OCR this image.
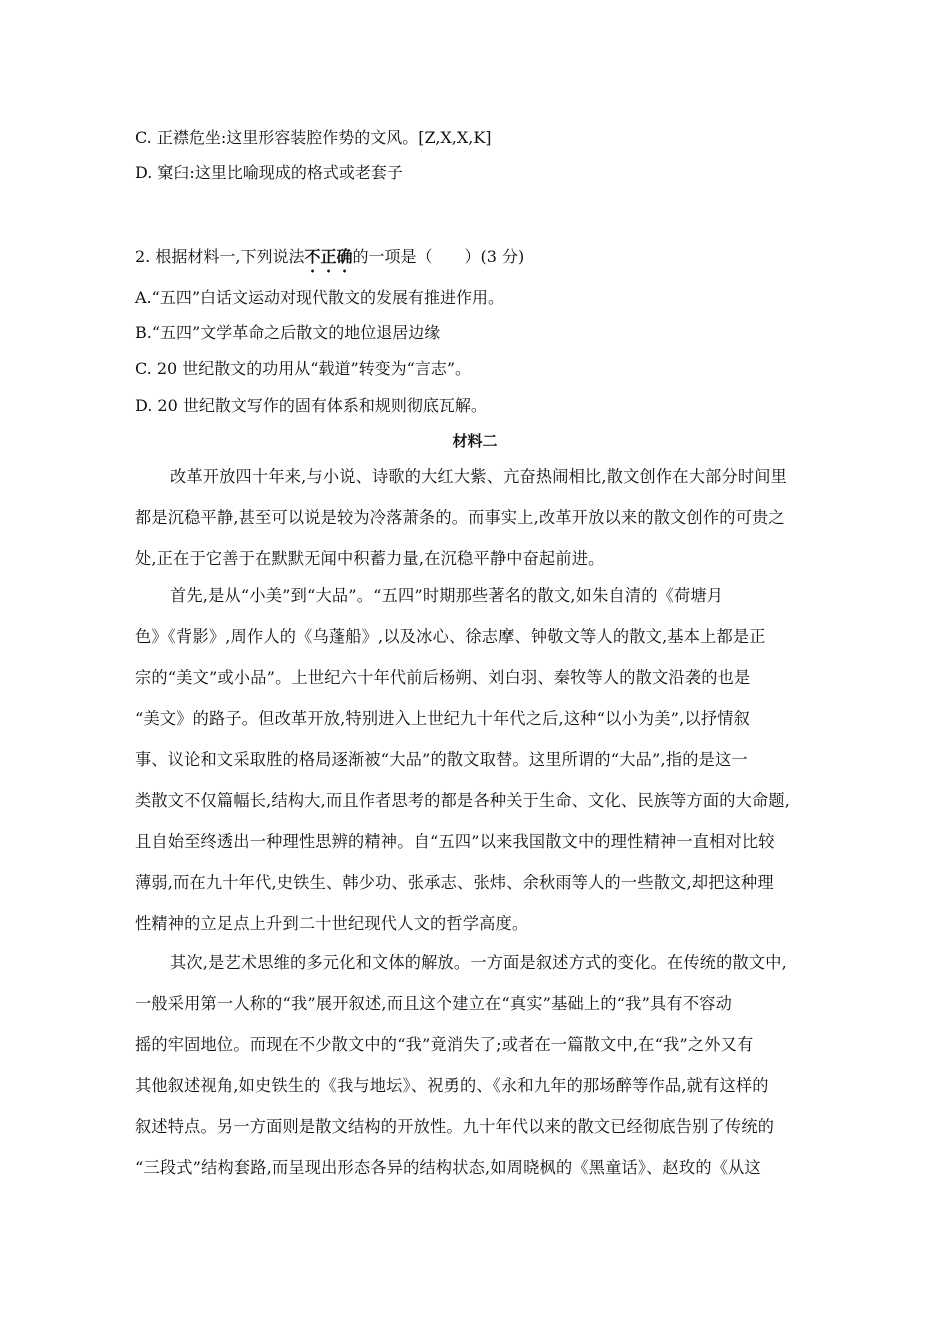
C. 正襟危坐:这里形容装腔作势的文风。[Z,X,X,K]
D. 窠臼:这里比喻现成的格式或老套子
2. 根据材料一,下列说法不正确的一项是（　　）(3 分)
A.“五四”白话文运动对现代散文的发展有推进作用。
B.“五四”文学革命之后散文的地位退居边缘
C. 20 世纪散文的功用从“载道”转变为“言志”。
D. 20 世纪散文写作的固有体系和规则彻底瓦解。
材料二
改革开放四十年来,与小说、诗歌的大红大紫、亢奋热闹相比,散文创作在大部分时间里
都是沉稳平静,甚至可以说是较为冷落萧条的。而事实上,改革开放以来的散文创作的可贵之
处,正在于它善于在默默无闻中积蓄力量,在沉稳平静中奋起前进。
首先,是从“小美”到“大品”。“五四”时期那些著名的散文,如朱自清的《荷塘月
色》《背影》,周作人的《乌蓬船》,以及冰心、徐志摩、钟敬文等人的散文,基本上都是正
宗的“美文”或小品”。上世纪六十年代前后杨朔、刘白羽、秦牧等人的散文沿袭的也是
“美文》的路子。但改革开放,特别进入上世纪九十年代之后,这种“以小为美”,以抒情叙
事、议论和文采取胜的格局逐渐被“大品”的散文取替。这里所谓的“大品”,指的是这一
类散文不仅篇幅长,结构大,而且作者思考的都是各种关于生命、文化、民族等方面的大命题,
且自始至终透出一种理性思辨的精神。自“五四”以来我国散文中的理性精神一直相对比较
薄弱,而在九十年代,史铁生、韩少功、张承志、张炜、余秋雨等人的一些散文,却把这种理
性精神的立足点上升到二十世纪现代人文的哲学高度。
其次,是艺术思维的多元化和文体的解放。一方面是叙述方式的变化。在传统的散文中,
一般采用第一人称的“我”展开叙述,而且这个建立在“真实”基础上的“我”具有不容动
摇的牢固地位。而现在不少散文中的“我”竟消失了;或者在一篇散文中,在“我”之外又有
其他叙述视角,如史铁生的《我与地坛》、祝勇的、《永和九年的那场醉等作品,就有这样的
叙述特点。另一方面则是散文结构的开放性。九十年代以来的散文已经彻底告别了传统的
“三段式”结构套路,而呈现出形态各异的结构状态,如周晓枫的《黑童话》、赵玫的《从这
